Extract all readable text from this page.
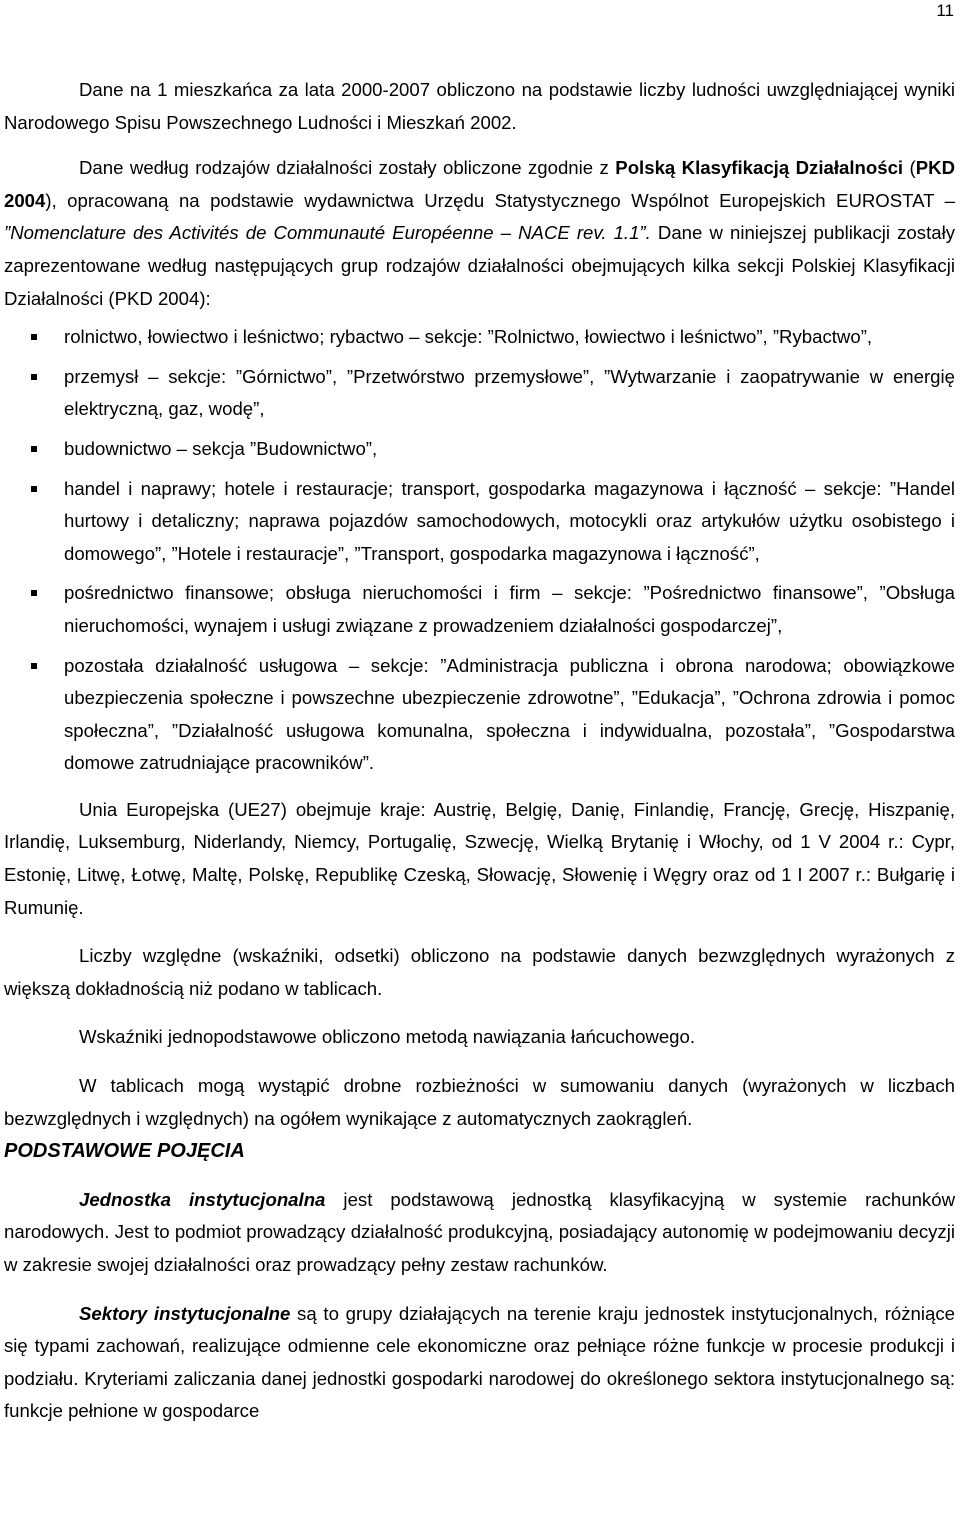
11

Dane na 1 mieszkańca za lata 2000-2007 obliczono na podstawie liczby ludności uwzględniającej wyniki Narodowego Spisu Powszechnego Ludności i Mieszkań 2002.

Dane według rodzajów działalności zostały obliczone zgodnie z Polską Klasyfikacją Działalności (PKD 2004), opracowaną na podstawie wydawnictwa Urzędu Statystycznego Wspólnot Europejskich EUROSTAT – ”Nomenclature des Activités de Communauté Européenne – NACE rev. 1.1”. Dane w niniejszej publikacji zostały zaprezentowane według następujących grup rodzajów działalności obejmujących kilka sekcji Polskiej Klasyfikacji Działalności (PKD 2004):

rolnictwo, łowiectwo i leśnictwo; rybactwo – sekcje: ”Rolnictwo, łowiectwo i leśnictwo”, ”Rybactwo”,
przemysł – sekcje: ”Górnictwo”, ”Przetwórstwo przemysłowe”, ”Wytwarzanie i zaopatrywanie w energię elektryczną, gaz, wodę”,
budownictwo – sekcja ”Budownictwo”,
handel i naprawy; hotele i restauracje; transport, gospodarka magazynowa i łączność – sekcje: ”Handel hurtowy i detaliczny; naprawa pojazdów samochodowych, motocykli oraz artykułów użytku osobistego i domowego”, ”Hotele i restauracje”, ”Transport, gospodarka magazynowa i łączność”,
pośrednictwo finansowe; obsługa nieruchomości i firm – sekcje: ”Pośrednictwo finansowe”, ”Obsługa nieruchomości, wynajem i usługi związane z prowadzeniem działalności gospodarczej”,
pozostała działalność usługowa – sekcje: ”Administracja publiczna i obrona narodowa; obowiązkowe ubezpieczenia społeczne i powszechne ubezpieczenie zdrowotne”, ”Edukacja”, ”Ochrona zdrowia i pomoc społeczna”, ”Działalność usługowa komunalna, społeczna i indywidualna, pozostała”, ”Gospodarstwa domowe zatrudniające pracowników”.

Unia Europejska (UE27) obejmuje kraje: Austrię, Belgię, Danię, Finlandię, Francję, Grecję, Hiszpanię, Irlandię, Luksemburg, Niderlandy, Niemcy, Portugalię, Szwecję, Wielką Brytanię i Włochy, od 1 V 2004 r.: Cypr, Estonię, Litwę, Łotwę, Maltę, Polskę, Republikę Czeską, Słowację, Słowenię i Węgry oraz od 1 I 2007 r.: Bułgarię i Rumunię.

Liczby względne (wskaźniki, odsetki) obliczono na podstawie danych bezwzględnych wyrażonych z większą dokładnością niż podano w tablicach.

Wskaźniki jednopodstawowe obliczono metodą nawiązania łańcuchowego.

W tablicach mogą wystąpić drobne rozbieżności w sumowaniu danych (wyrażonych w liczbach bezwzględnych i względnych) na ogółem wynikające z automatycznych zaokrągleń.

PODSTAWOWE POJĘCIA

Jednostka instytucjonalna jest podstawową jednostką klasyfikacyjną w systemie rachunków narodowych. Jest to podmiot prowadzący działalność produkcyjną, posiadający autonomię w podejmowaniu decyzji w zakresie swojej działalności oraz prowadzący pełny zestaw rachunków.

Sektory instytucjonalne są to grupy działających na terenie kraju jednostek instytucjonalnych, różniące się typami zachowań, realizujące odmienne cele ekonomiczne oraz pełniące różne funkcje w procesie produkcji i podziału. Kryteriami zaliczania danej jednostki gospodarki narodowej do określonego sektora instytucjonalnego są: funkcje pełnione w gospodarce
